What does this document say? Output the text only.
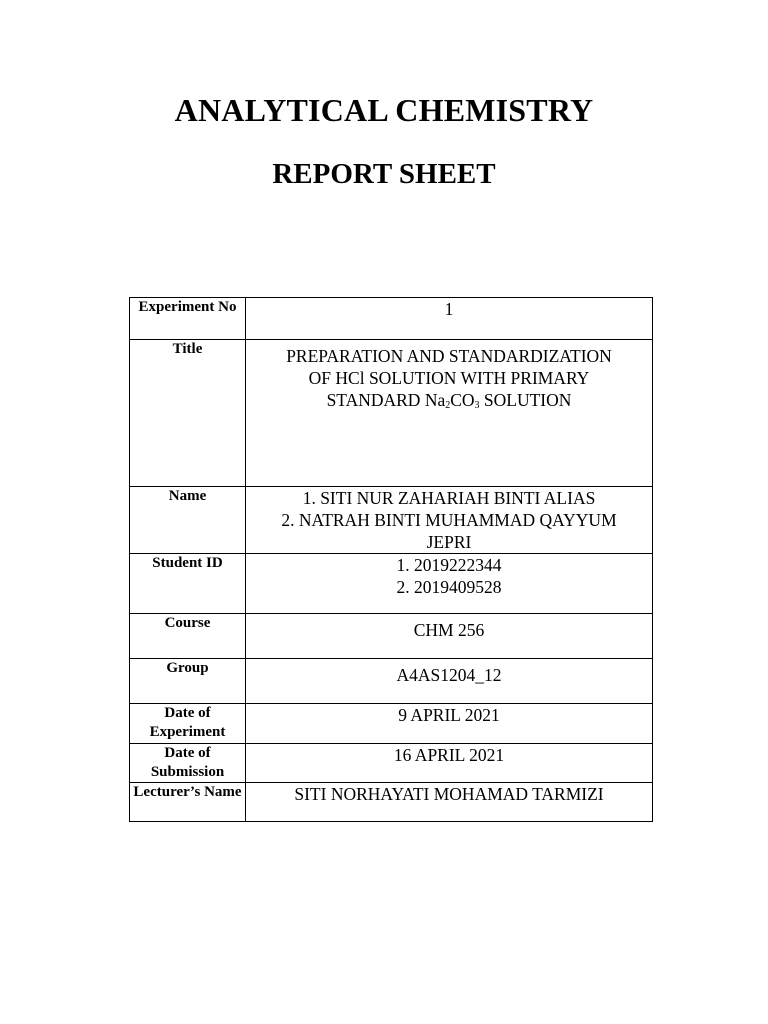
ANALYTICAL CHEMISTRY
REPORT SHEET
Experiment No	1
Title	PREPARATION AND STANDARDIZATION
OF HCl SOLUTION WITH PRIMARY
STANDARD $Na_2CO_3$ SOLUTION

Name	1. SITI NUR ZAHARIAH BINTI ALIAS
2. NATRAH BINTI MUHAMMAD QAYYUM
JEPRI

Student ID	1. 2019222344
2. 2019409528

Course	CHM 256
Group	A4AS1204_12
Date of Experiment	9 APRIL 2021
Date of Submission	16 APRIL 2021
Lecturer’s Name	SITI NORHAYATI MOHAMAD TARMIZI
